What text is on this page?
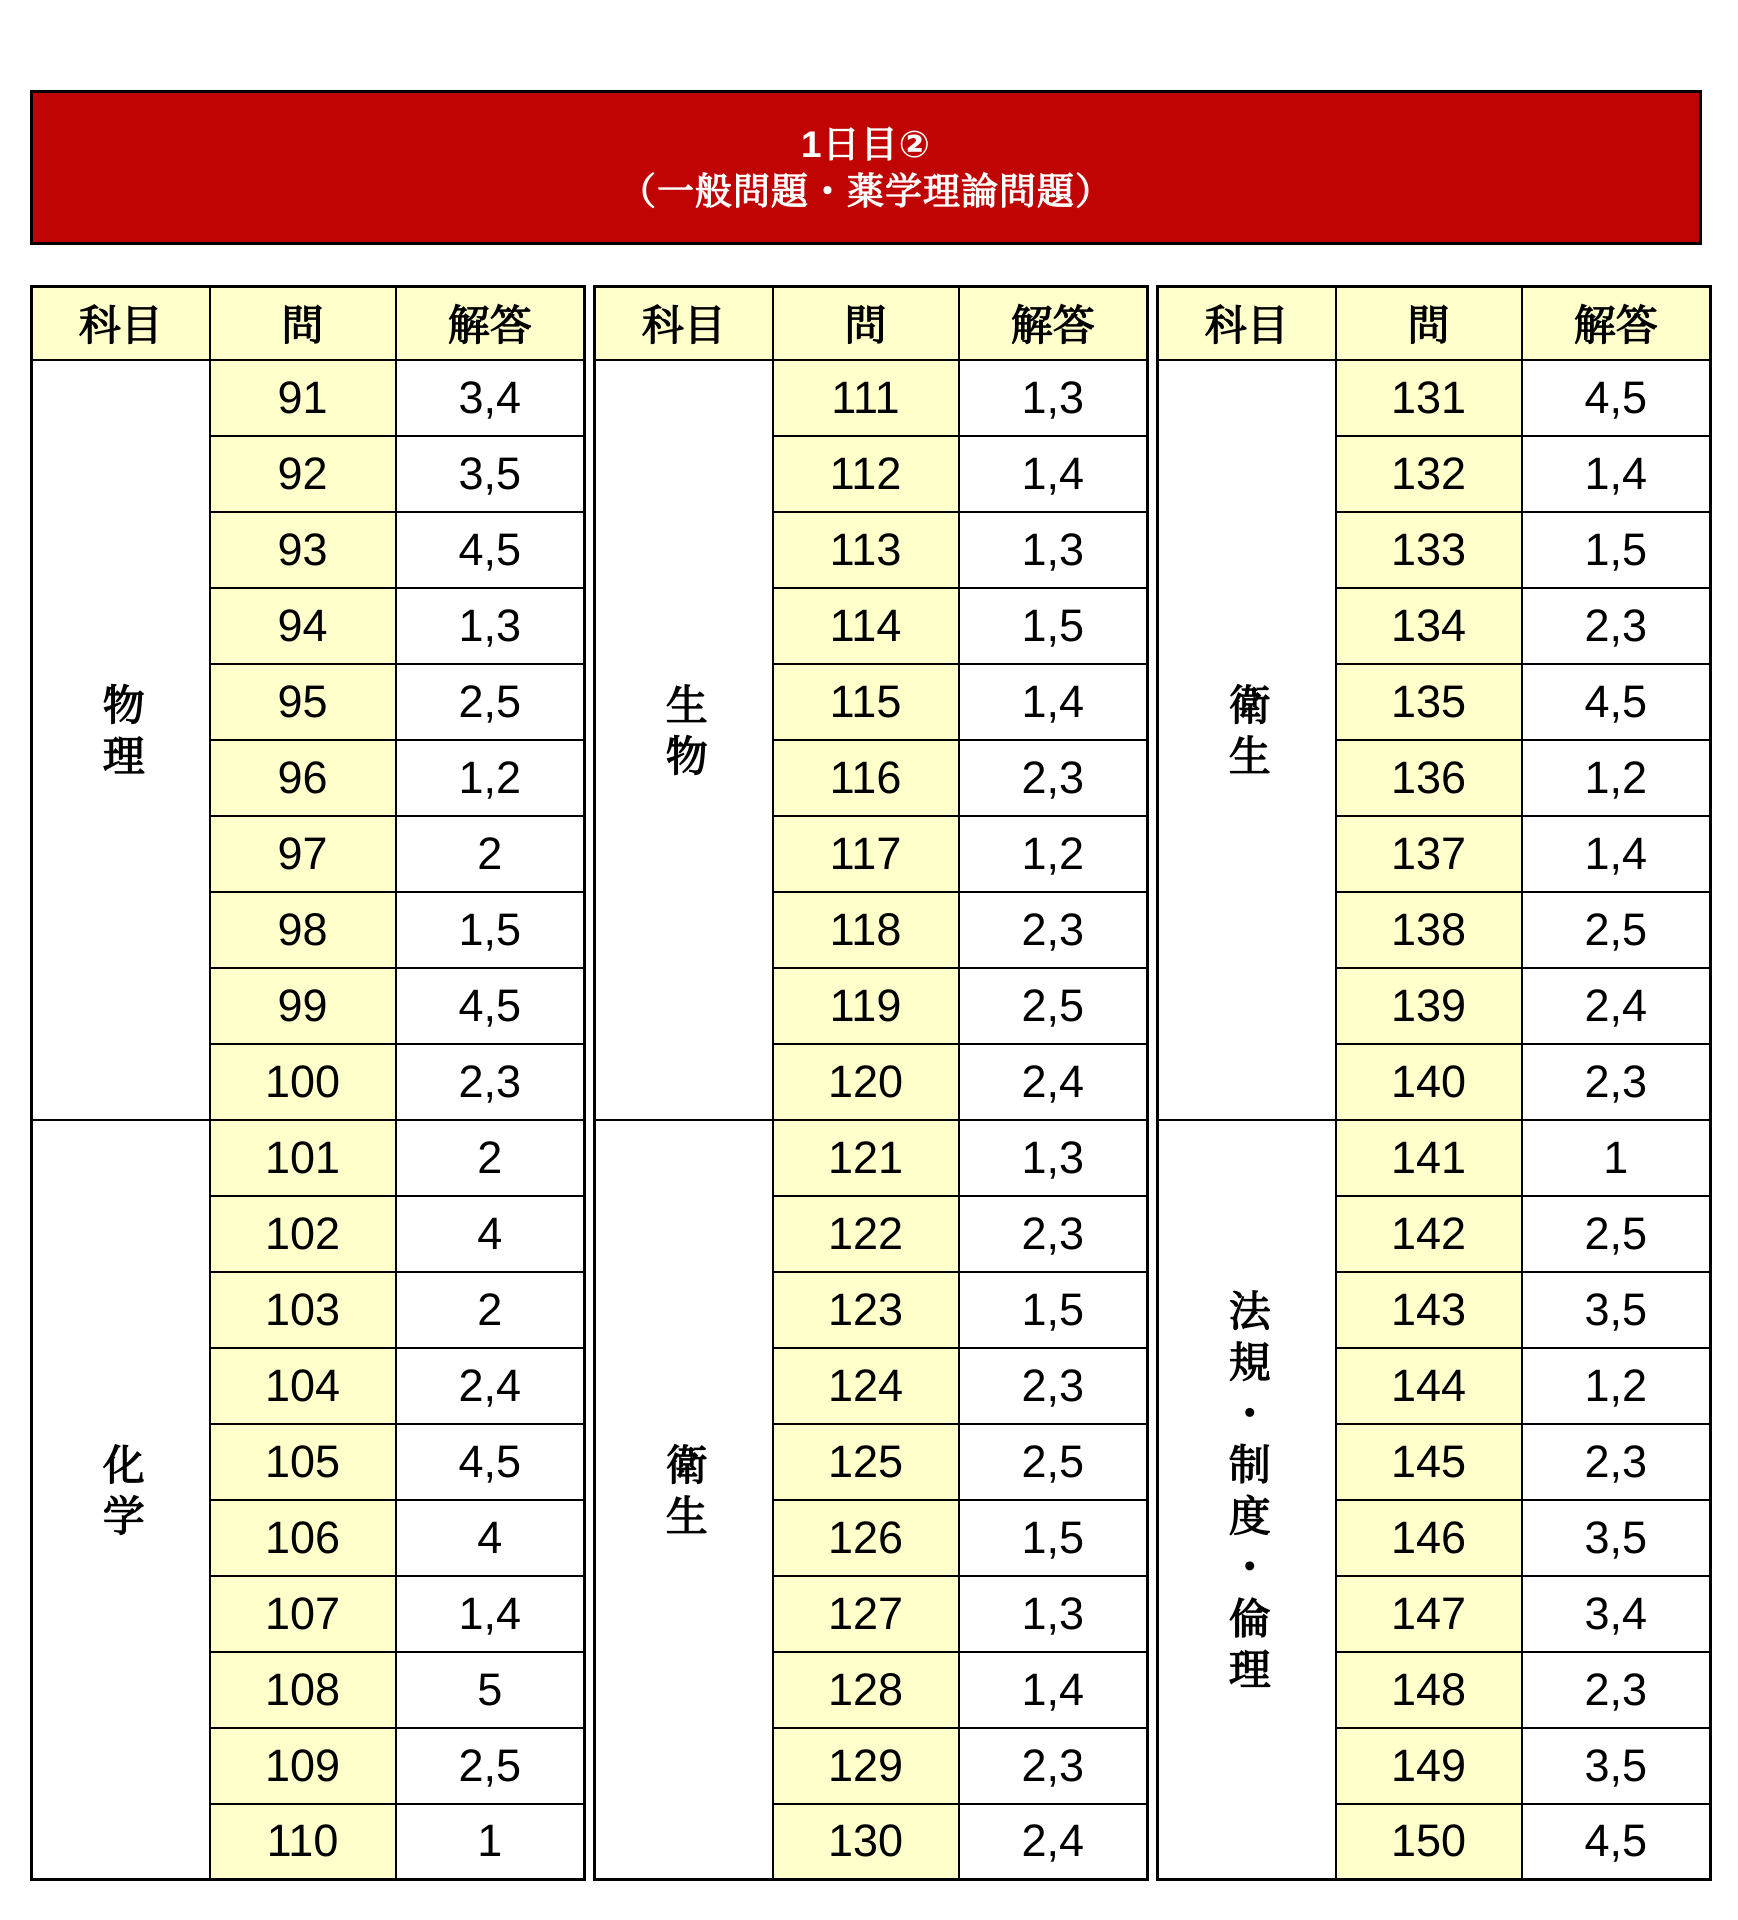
1日目②
（一般問題・薬学理論問題）
科目	問	解答
物理	91	3,4
	92	3,5
	93	4,5
	94	1,3
	95	2,5
	96	1,2
	97	2
	98	1,5
	99	4,5
	100	2,3
化学	101	2
	102	4
	103	2
	104	2,4
	105	4,5
	106	4
	107	1,4
	108	5
	109	2,5
	110	1
科目	問	解答
生物	111	1,3
	112	1,4
	113	1,3
	114	1,5
	115	1,4
	116	2,3
	117	1,2
	118	2,3
	119	2,5
	120	2,4
衛生	121	1,3
	122	2,3
	123	1,5
	124	2,3
	125	2,5
	126	1,5
	127	1,3
	128	1,4
	129	2,3
	130	2,4
科目	問	解答
衛生	131	4,5
	132	1,4
	133	1,5
	134	2,3
	135	4,5
	136	1,2
	137	1,4
	138	2,5
	139	2,4
	140	2,3
法規・制度・倫理	141	1
	142	2,5
	143	3,5
	144	1,2
	145	2,3
	146	3,5
	147	3,4
	148	2,3
	149	3,5
	150	4,5
